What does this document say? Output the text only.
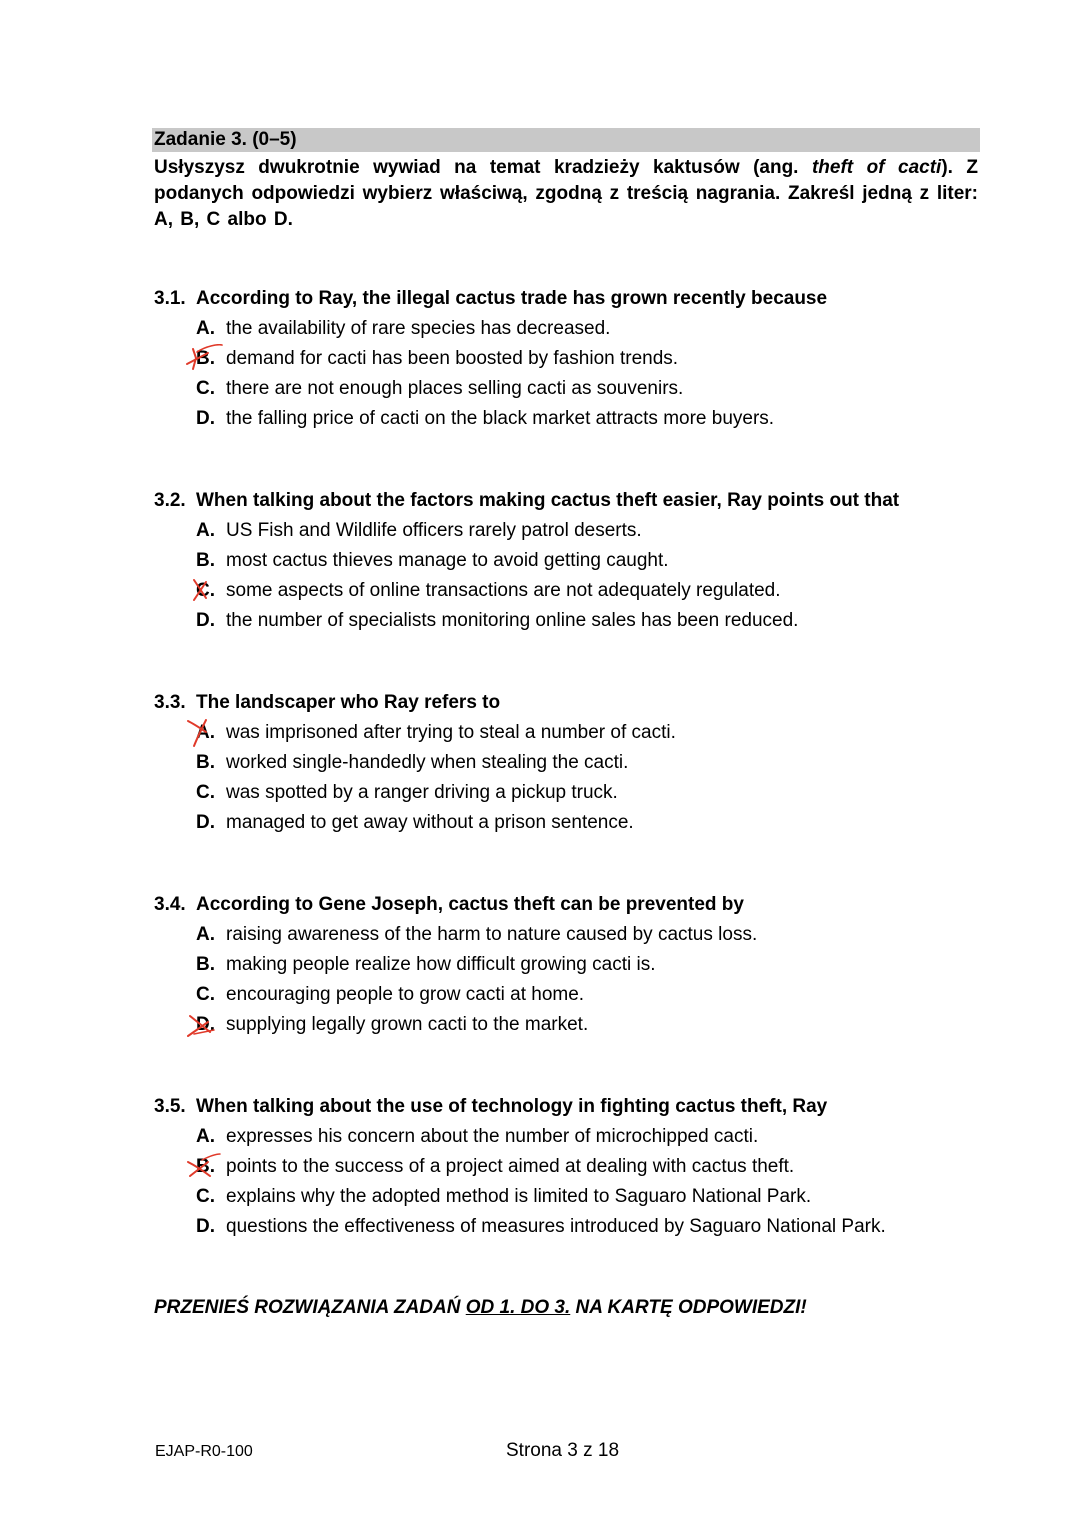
Zadanie 3. (0–5)
Usłyszysz dwukrotnie wywiad na temat kradzieży kaktusów (ang. theft of cacti). Z podanych odpowiedzi wybierz właściwą, zgodną z treścią nagrania. Zakreśl jedną z liter: A, B, C albo D.
3.1. According to Ray, the illegal cactus trade has grown recently because
A. the availability of rare species has decreased.
B. demand for cacti has been boosted by fashion trends.
C. there are not enough places selling cacti as souvenirs.
D. the falling price of cacti on the black market attracts more buyers.
3.2. When talking about the factors making cactus theft easier, Ray points out that
A. US Fish and Wildlife officers rarely patrol deserts.
B. most cactus thieves manage to avoid getting caught.
C. some aspects of online transactions are not adequately regulated.
D. the number of specialists monitoring online sales has been reduced.
3.3. The landscaper who Ray refers to
A. was imprisoned after trying to steal a number of cacti.
B. worked single-handedly when stealing the cacti.
C. was spotted by a ranger driving a pickup truck.
D. managed to get away without a prison sentence.
3.4. According to Gene Joseph, cactus theft can be prevented by
A. raising awareness of the harm to nature caused by cactus loss.
B. making people realize how difficult growing cacti is.
C. encouraging people to grow cacti at home.
D. supplying legally grown cacti to the market.
3.5. When talking about the use of technology in fighting cactus theft, Ray
A. expresses his concern about the number of microchipped cacti.
B. points to the success of a project aimed at dealing with cactus theft.
C. explains why the adopted method is limited to Saguaro National Park.
D. questions the effectiveness of measures introduced by Saguaro National Park.
PRZENIEŚ ROZWIĄZANIA ZADAŃ OD 1. DO 3. NA KARTĘ ODPOWIEDZI!
EJAP-R0-100	Strona 3 z 18
